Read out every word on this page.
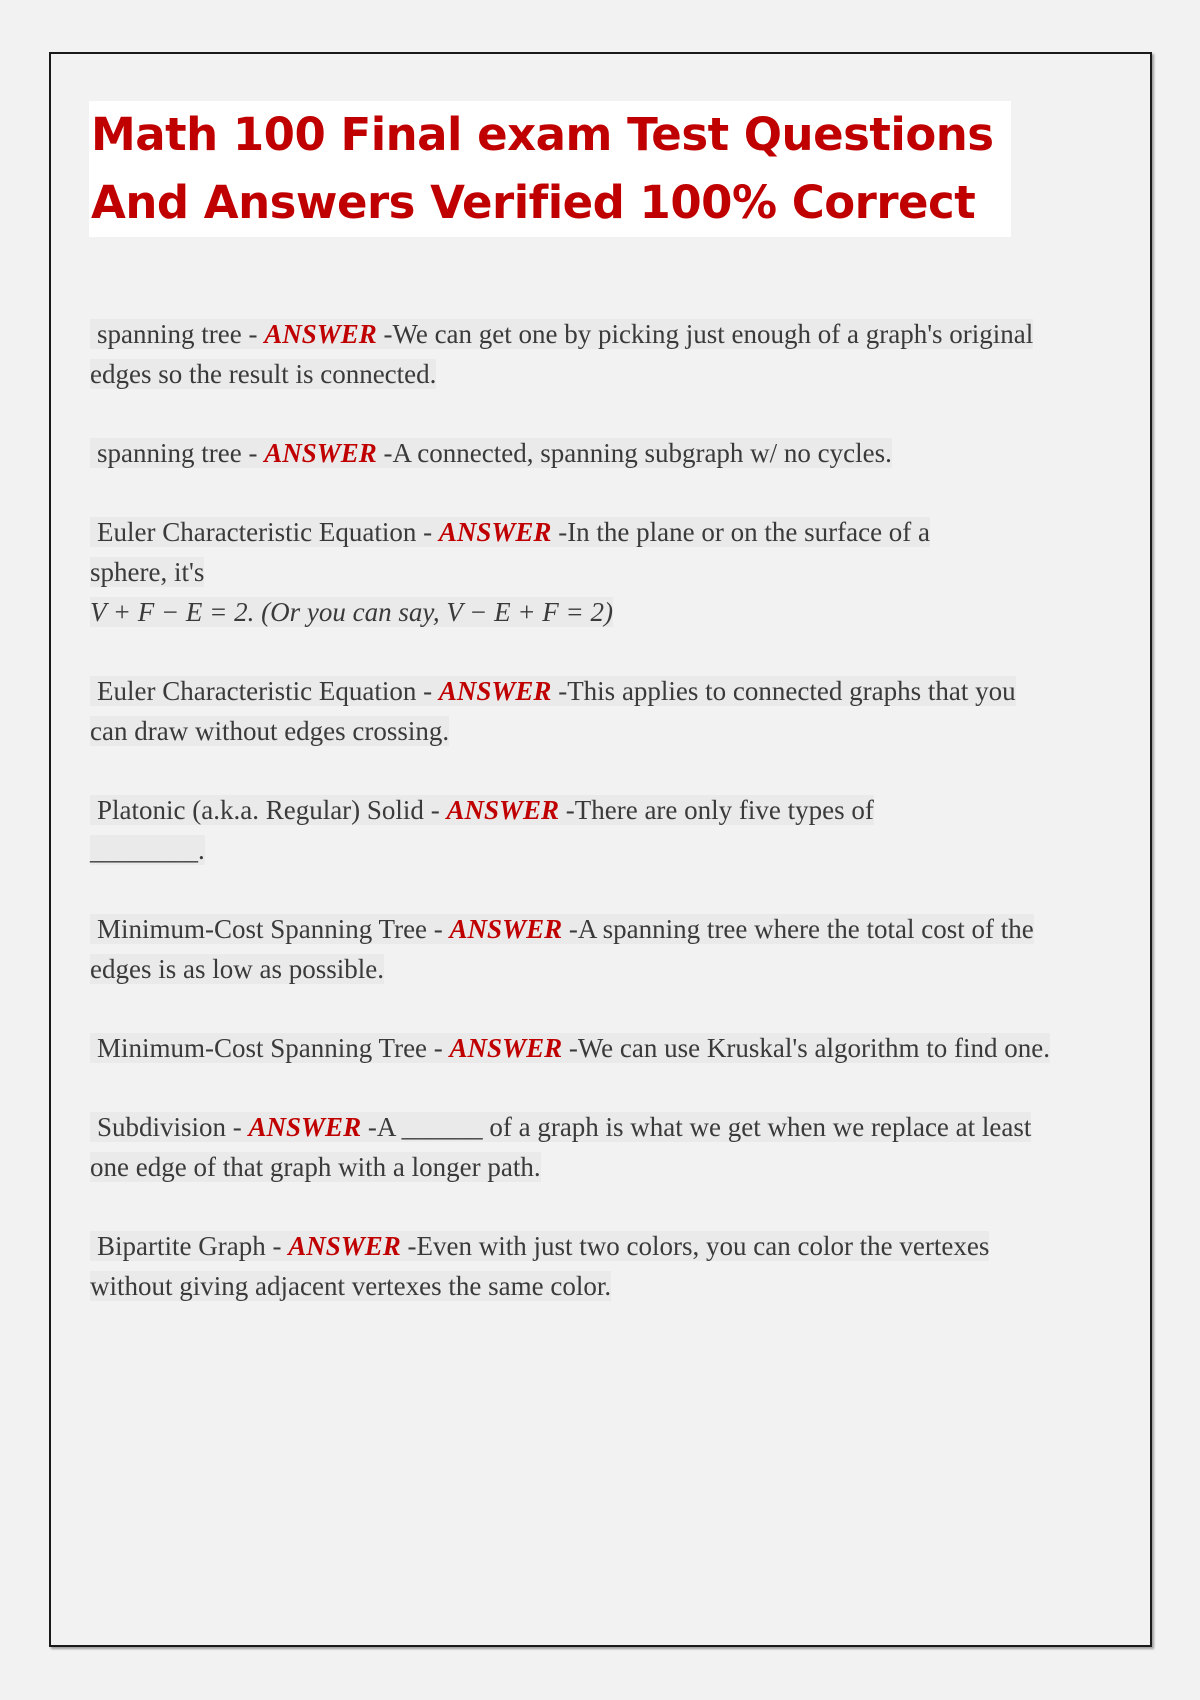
Math 100 Final exam Test Questions And Answers Verified 100% Correct
spanning tree - ANSWER -We can get one by picking just enough of a graph's original edges so the result is connected.
spanning tree - ANSWER -A connected, spanning subgraph w/ no cycles.
Euler Characteristic Equation - ANSWER -In the plane or on the surface of a sphere, it's
V + F − E = 2. (Or you can say, V − E + F = 2)
Euler Characteristic Equation - ANSWER -This applies to connected graphs that you can draw without edges crossing.
Platonic (a.k.a. Regular) Solid - ANSWER -There are only five types of ________.
Minimum-Cost Spanning Tree - ANSWER -A spanning tree where the total cost of the
edges is as low as possible.
Minimum-Cost Spanning Tree - ANSWER -We can use Kruskal's algorithm to find one.
Subdivision - ANSWER -A ______ of a graph is what we get when we replace at least one edge of that graph with a longer path.
Bipartite Graph - ANSWER -Even with just two colors, you can color the vertexes without giving adjacent vertexes the same color.
